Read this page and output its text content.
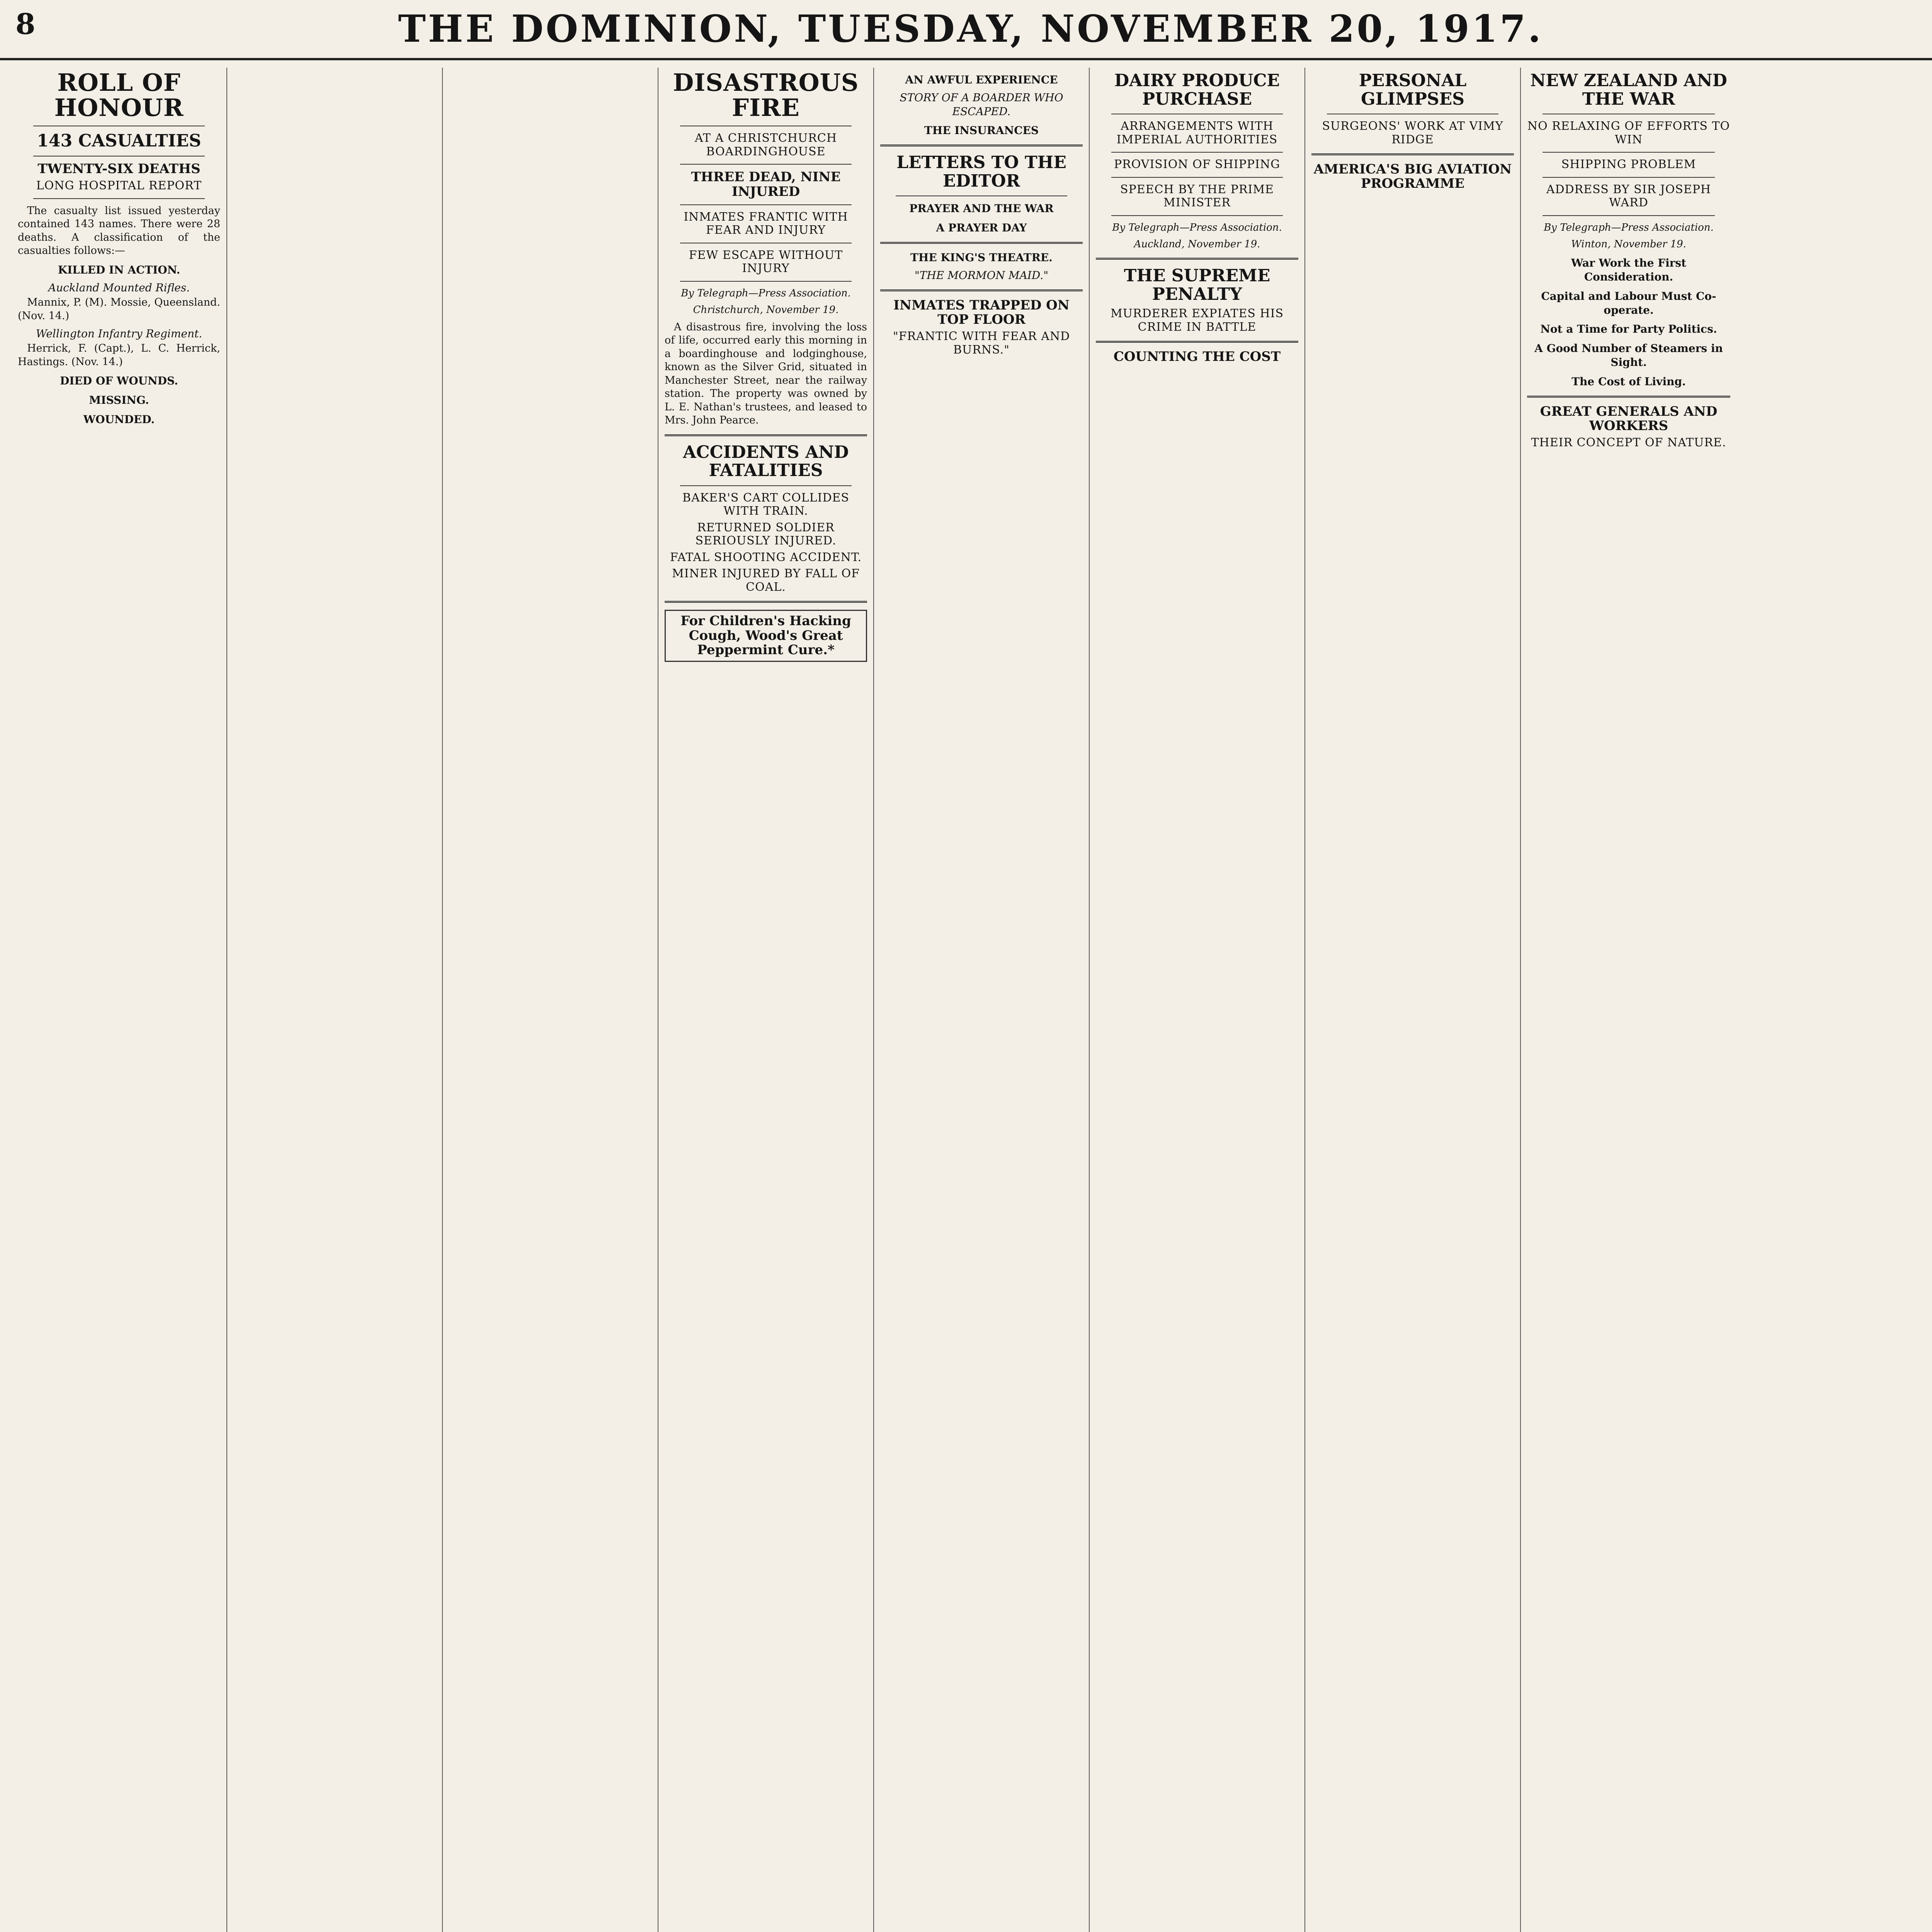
8	THE DOMINION, TUESDAY, NOVEMBER 20, 1917.
ROLL OF HONOUR
143 CASUALTIES
TWENTY-SIX DEATHS
LONG HOSPITAL REPORT

The casualty list issued yesterday contained 143 names. There were 28 deaths. A classification of the casualties follows:—

KILLED IN ACTION.
Auckland Mounted Rifles.

Mannix, P. (M). Mossie, Queensland. (Nov. 14.)

Wellington Infantry Regiment.

Herrick, F. (Capt.), L. C. Herrick, Hastings. (Nov. 14.)

DIED OF WOUNDS.
MISSING.
WOUNDED.
DISASTROUS FIRE
AT A CHRISTCHURCH BOARDINGHOUSE
THREE DEAD, NINE INJURED
INMATES FRANTIC WITH FEAR AND INJURY
FEW ESCAPE WITHOUT INJURY
By Telegraph—Press Association.
Christchurch, November 19.

A disastrous fire, involving the loss of life, occurred early this morning in a boardinghouse and lodginghouse, known as the Silver Grid, situated in Manchester Street, near the railway station. The property was owned by L. E. Nathan's trustees, and leased to Mrs. John Pearce.

ACCIDENTS AND FATALITIES
BAKER'S CART COLLIDES WITH TRAIN.
RETURNED SOLDIER SERIOUSLY INJURED.
FATAL SHOOTING ACCIDENT.
MINER INJURED BY FALL OF COAL.
For Children's Hacking Cough, Wood's Great Peppermint Cure.*
AN AWFUL EXPERIENCE
STORY OF A BOARDER WHO ESCAPED.
THE INSURANCES
LETTERS TO THE EDITOR
PRAYER AND THE WAR
A PRAYER DAY
THE KING'S THEATRE.
"THE MORMON MAID."
INMATES TRAPPED ON TOP FLOOR
"FRANTIC WITH FEAR AND BURNS."
DAIRY PRODUCE PURCHASE
ARRANGEMENTS WITH IMPERIAL AUTHORITIES
PROVISION OF SHIPPING
SPEECH BY THE PRIME MINISTER
By Telegraph—Press Association.
Auckland, November 19.
THE SUPREME PENALTY
MURDERER EXPIATES HIS CRIME IN BATTLE
COUNTING THE COST
PERSONAL GLIMPSES
SURGEONS' WORK AT VIMY RIDGE
AMERICA'S BIG AVIATION PROGRAMME
NEW ZEALAND AND THE WAR
NO RELAXING OF EFFORTS TO WIN
SHIPPING PROBLEM
ADDRESS BY SIR JOSEPH WARD
By Telegraph—Press Association.
Winton, November 19.
War Work the First Consideration.
Capital and Labour Must Co-operate.
Not a Time for Party Politics.
A Good Number of Steamers in Sight.
The Cost of Living.
GREAT GENERALS AND WORKERS
THEIR CONCEPT OF NATURE.
